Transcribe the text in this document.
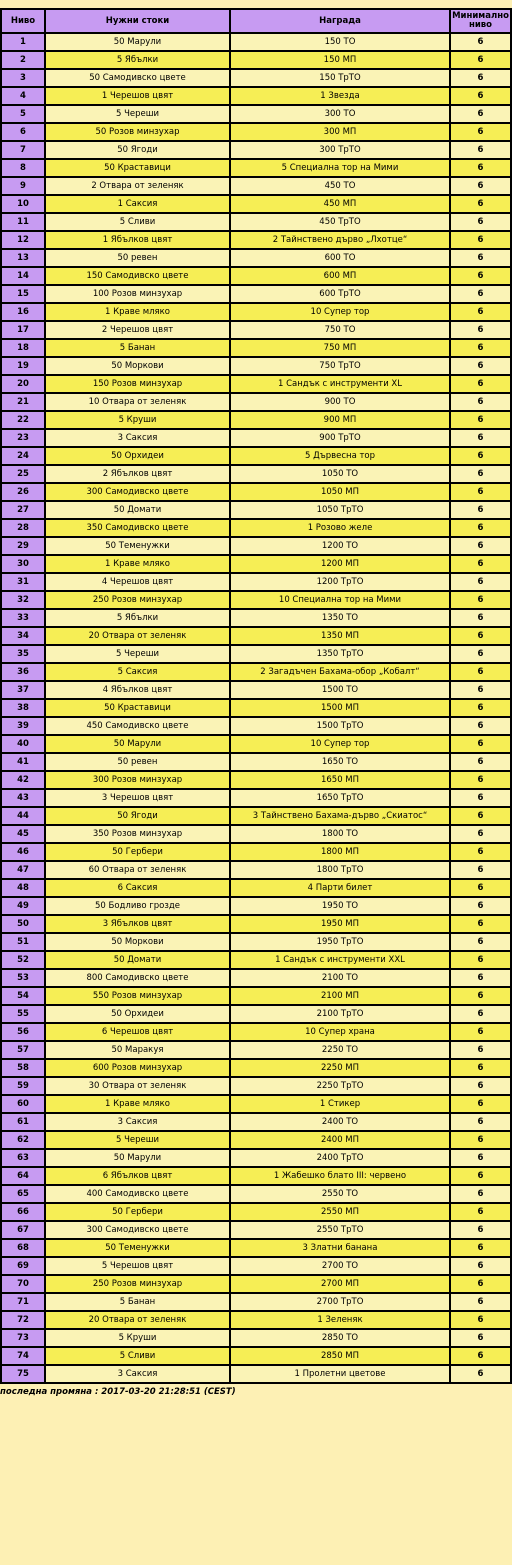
Ниво	Нужни стоки	Награда	Минимално ниво
1	50 Марули	150 ТО	6
2	5 Ябълки	150 МП	6
3	50 Самодивско цвете	150 ТрТО	6
4	1 Черешов цвят	1 Звезда	6
5	5 Череши	300 ТО	6
6	50 Розов минзухар	300 МП	6
7	50 Ягоди	300 ТрТО	6
8	50 Краставици	5 Специална тор на Мими	6
9	2 Отвара от зеленяк	450 ТО	6
10	1 Саксия	450 МП	6
11	5 Сливи	450 ТрТО	6
12	1 Ябълков цвят	2 Тайнствено дърво „Лхотце“	6
13	50 ревен	600 ТО	6
14	150 Самодивско цвете	600 МП	6
15	100 Розов минзухар	600 ТрТО	6
16	1 Краве мляко	10 Супер тор	6
17	2 Черешов цвят	750 ТО	6
18	5 Банан	750 МП	6
19	50 Моркови	750 ТрТО	6
20	150 Розов минзухар	1 Сандък с инструменти XL	6
21	10 Отвара от зеленяк	900 ТО	6
22	5 Круши	900 МП	6
23	3 Саксия	900 ТрТО	6
24	50 Орхидеи	5 Дървесна тор	6
25	2 Ябълков цвят	1050 ТО	6
26	300 Самодивско цвете	1050 МП	6
27	50 Домати	1050 ТрТО	6
28	350 Самодивско цвете	1 Розово желе	6
29	50 Теменужки	1200 ТО	6
30	1 Краве мляко	1200 МП	6
31	4 Черешов цвят	1200 ТрТО	6
32	250 Розов минзухар	10 Специална тор на Мими	6
33	5 Ябълки	1350 ТО	6
34	20 Отвара от зеленяк	1350 МП	6
35	5 Череши	1350 ТрТО	6
36	5 Саксия	2 Загадъчен Бахама-обор „Кобалт“	6
37	4 Ябълков цвят	1500 ТО	6
38	50 Краставици	1500 МП	6
39	450 Самодивско цвете	1500 ТрТО	6
40	50 Марули	10 Супер тор	6
41	50 ревен	1650 ТО	6
42	300 Розов минзухар	1650 МП	6
43	3 Черешов цвят	1650 ТрТО	6
44	50 Ягоди	3 Тайнствено Бахама-дърво „Скиатос“	6
45	350 Розов минзухар	1800 ТО	6
46	50 Гербери	1800 МП	6
47	60 Отвара от зеленяк	1800 ТрТО	6
48	6 Саксия	4 Парти билет	6
49	50 Бодливо грозде	1950 ТО	6
50	3 Ябълков цвят	1950 МП	6
51	50 Моркови	1950 ТрТО	6
52	50 Домати	1 Сандък с инструменти XXL	6
53	800 Самодивско цвете	2100 ТО	6
54	550 Розов минзухар	2100 МП	6
55	50 Орхидеи	2100 ТрТО	6
56	6 Черешов цвят	10 Супер храна	6
57	50 Маракуя	2250 ТО	6
58	600 Розов минзухар	2250 МП	6
59	30 Отвара от зеленяк	2250 ТрТО	6
60	1 Краве мляко	1 Стикер	6
61	3 Саксия	2400 ТО	6
62	5 Череши	2400 МП	6
63	50 Марули	2400 ТрТО	6
64	6 Ябълков цвят	1 Жабешко блато III: червено	6
65	400 Самодивско цвете	2550 ТО	6
66	50 Гербери	2550 МП	6
67	300 Самодивско цвете	2550 ТрТО	6
68	50 Теменужки	3 Златни банана	6
69	5 Черешов цвят	2700 ТО	6
70	250 Розов минзухар	2700 МП	6
71	5 Банан	2700 ТрТО	6
72	20 Отвара от зеленяк	1 Зеленяк	6
73	5 Круши	2850 ТО	6
74	5 Сливи	2850 МП	6
75	3 Саксия	1 Пролетни цветове	6
последна промяна : 2017-03-20 21:28:51 (CEST)
